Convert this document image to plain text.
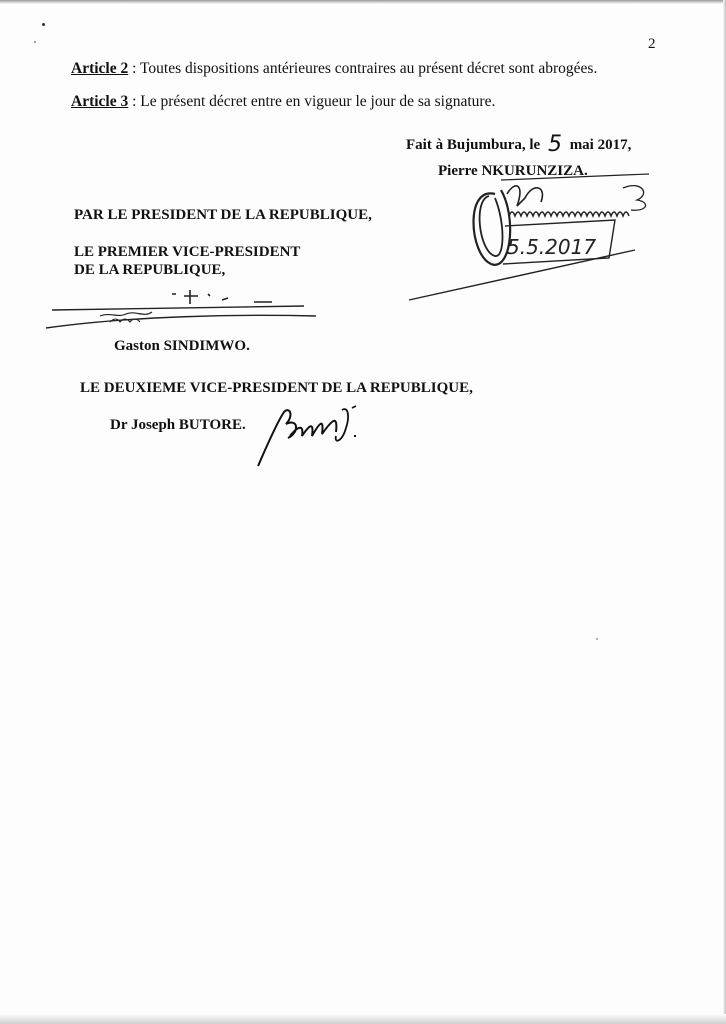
2
Article 2 : Toutes dispositions antérieures contraires au présent décret sont abrogées.
Article 3 : Le présent décret entre en vigueur le jour de sa signature.
Fait à Bujumbura, le 5 mai 2017,
Pierre NKURUNZIZA.
5.5.2017
PAR LE PRESIDENT DE LA REPUBLIQUE,
LE PREMIER VICE-PRESIDENT
DE LA REPUBLIQUE,
Gaston SINDIMWO.
LE DEUXIEME VICE-PRESIDENT DE LA REPUBLIQUE,
Dr Joseph BUTORE.
